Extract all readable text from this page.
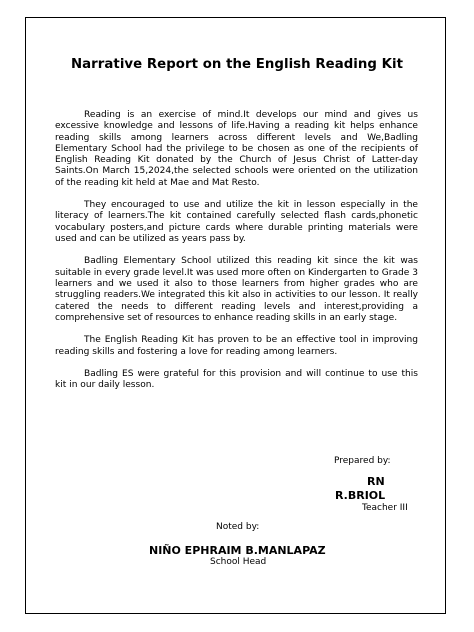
Narrative Report on the English Reading Kit

Reading is an exercise of mind.It develops our mind and gives us excessive knowledge and lessons of life.Having a reading kit helps enhance reading skills among learners across different levels and We,Badling Elementary School had the privilege to be chosen as one of the recipients of English Reading Kit donated by the Church of Jesus Christ of Latter-day Saints.On March 15,2024,the selected schools were oriented on the utilization of the reading kit held at Mae and Mat Resto.

They encouraged to use and utilize the kit in lesson especially in the literacy of learners.The kit contained carefully selected flash cards,phonetic vocabulary posters,and picture cards where durable printing materials were used and can be utilized as years pass by.

Badling Elementary School utilized this reading kit since the kit was suitable in every grade level.It was used more often on Kindergarten to Grade 3 learners and we used it also to those learners from higher grades who are struggling readers.We integrated this kit also in activities to our lesson. It really catered the needs to different reading levels and interest,providing a comprehensive set of resources to enhance reading skills in an early stage.

The English Reading Kit has proven to be an effective tool in improving reading skills and fostering a love for reading among learners.

Badling ES were grateful for this provision and will continue to use this kit in our daily lesson.

Prepared by:
RN
R.BRIOL
Teacher III
Noted by:
NIÑO EPHRAIM B.MANLAPAZ
School Head
